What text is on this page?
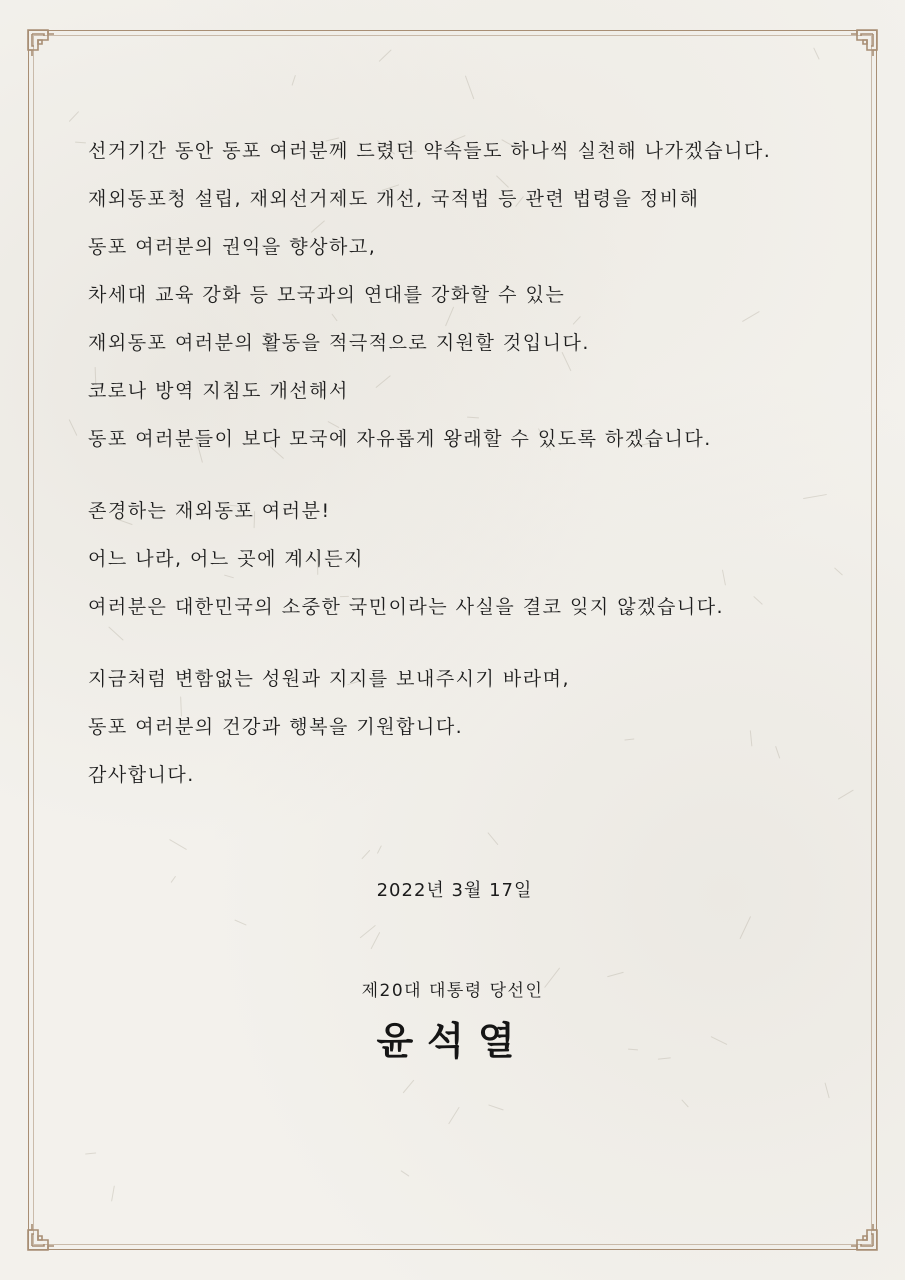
선거기간 동안 동포 여러분께 드렸던 약속들도 하나씩 실천해 나가겠습니다.
재외동포청 설립, 재외선거제도 개선, 국적법 등 관련 법령을 정비해
동포 여러분의 권익을 향상하고,
차세대 교육 강화 등 모국과의 연대를 강화할 수 있는
재외동포 여러분의 활동을 적극적으로 지원할 것입니다.
코로나 방역 지침도 개선해서
동포 여러분들이 보다 모국에 자유롭게 왕래할 수 있도록 하겠습니다.
존경하는 재외동포 여러분!
어느 나라, 어느 곳에 계시든지
여러분은 대한민국의 소중한 국민이라는 사실을 결코 잊지 않겠습니다.
지금처럼 변함없는 성원과 지지를 보내주시기 바라며,
동포 여러분의 건강과 행복을 기원합니다.
감사합니다.
2022년 3월 17일
제20대 대통령 당선인
윤석열
